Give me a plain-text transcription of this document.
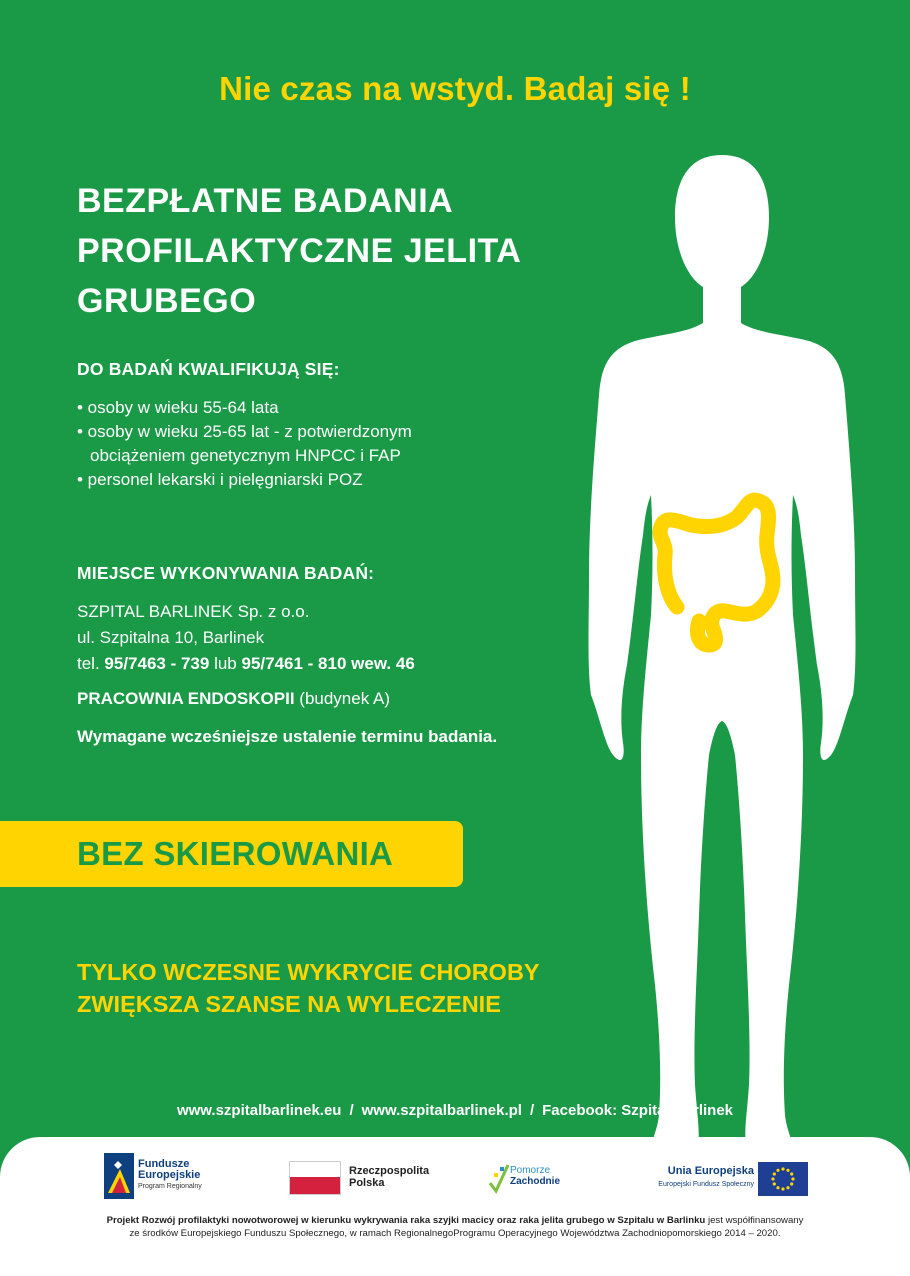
Nie czas na wstyd. Badaj się !
BEZPŁATNE BADANIA
PROFILAKTYCZNE JELITA
GRUBEGO
DO BADAŃ KWALIFIKUJĄ SIĘ:
• osoby w wieku 55-64 lata
• osoby w wieku 25-65 lat - z potwierdzonym
obciążeniem genetycznym HNPCC i FAP
• personel lekarski i pielęgniarski POZ
MIEJSCE WYKONYWANIA BADAŃ:
SZPITAL BARLINEK Sp. z o.o.
ul. Szpitalna 10, Barlinek
tel. 95/7463 - 739 lub 95/7461 - 810 wew. 46
PRACOWNIA ENDOSKOPII (budynek A)
Wymagane wcześniejsze ustalenie terminu badania.
BEZ SKIEROWANIA
TYLKO WCZESNE WYKRYCIE CHOROBY
ZWIĘKSZA SZANSE NA WYLECZENIE
www.szpitalbarlinek.eu / www.szpitalbarlinek.pl / Facebook: Szpital Barlinek
Fundusze
Europejskie
Program Regionalny
Rzeczpospolita
Polska
Pomorze
Zachodnie
Unia Europejska
Europejski Fundusz Społeczny
Projekt Rozwój profilaktyki nowotworowej w kierunku wykrywania raka szyjki macicy oraz raka jelita grubego w Szpitalu w Barlinku jest współfinansowany
ze środków Europejskiego Funduszu Społecznego, w ramach RegionalnegoProgramu Operacyjnego Województwa Zachodniopomorskiego 2014 – 2020.
